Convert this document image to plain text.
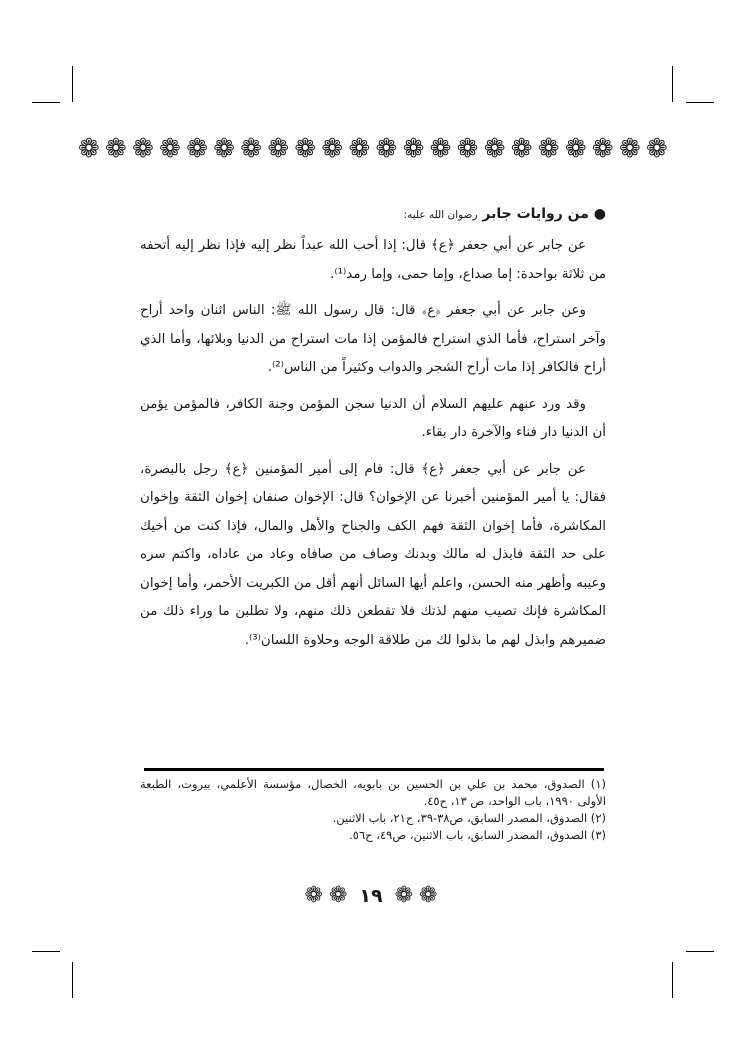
❁ ❁ ❁ ❁ ❁ ❁ ❁ ❁ ❁ ❁ ❁ ❁ ❁ ❁ ❁ ❁ ❁ ❁ ❁ ❁ ❁ ❁

● من روايات جابر رضوان الله عليه:

عن جابر عن أبي جعفر ﴿ع﴾ قال: إذا أحب الله عبداً نظر إليه فإذا نظر إليه أتحفه من ثلاثة بواحدة: إما صداع، وإما حمى، وإما رمد⁽¹⁾.

وعن جابر عن أبي جعفر ﴿ع﴾ قال: قال رسول الله ﷺ: الناس اثنان واحد أراح وآخر استراح، فأما الذي استراح فالمؤمن إذا مات استراح من الدنيا وبلائها، وأما الذي أراح فالكافر إذا مات أراح الشجر والدواب وكثيراً من الناس⁽²⁾.

وقد ورد عنهم عليهم السلام أن الدنيا سجن المؤمن وجنة الكافر، فالمؤمن يؤمن أن الدنيا دار فناء والآخرة دار بقاء.

عن جابر عن أبي جعفر ﴿ع﴾ قال: قام إلى أمير المؤمنين ﴿ع﴾ رجل بالبصرة، فقال: يا أمير المؤمنين أخبرنا عن الإخوان؟ قال: الإخوان صنفان إخوان الثقة وإخوان المكاشرة، فأما إخوان الثقة فهم الكف والجناح والأهل والمال، فإذا كنت من أخيك على حد الثقة فابذل له مالك وبدنك وصاف من صافاه وعاد من عاداه، واكتم سره وعيبه وأظهر منه الحسن، واعلم أيها السائل أنهم أقل من الكبريت الأحمر، وأما إخوان المكاشرة فإنك تصيب منهم لذتك فلا تقطعن ذلك منهم، ولا تطلبن ما وراء ذلك من ضميرهم وابذل لهم ما بذلوا لك من طلاقة الوجه وحلاوة اللسان⁽³⁾.

(١) الصدوق، محمد بن علي بن الحسين بن بابويه، الخصال، مؤسسة الأعلمي، بيروت، الطبعة الأولى ١٩٩٠، باب الواحد، ص ١٣، ح٤٥.

(٢) الصدوق، المصدر السابق، ص٣٨-٣٩، ح٢١، باب الاثنين.

(٣) الصدوق، المصدر السابق، باب الاثنين، ص٤٩، ح٥٦.

❁ ❁ ١٩ ❁ ❁
